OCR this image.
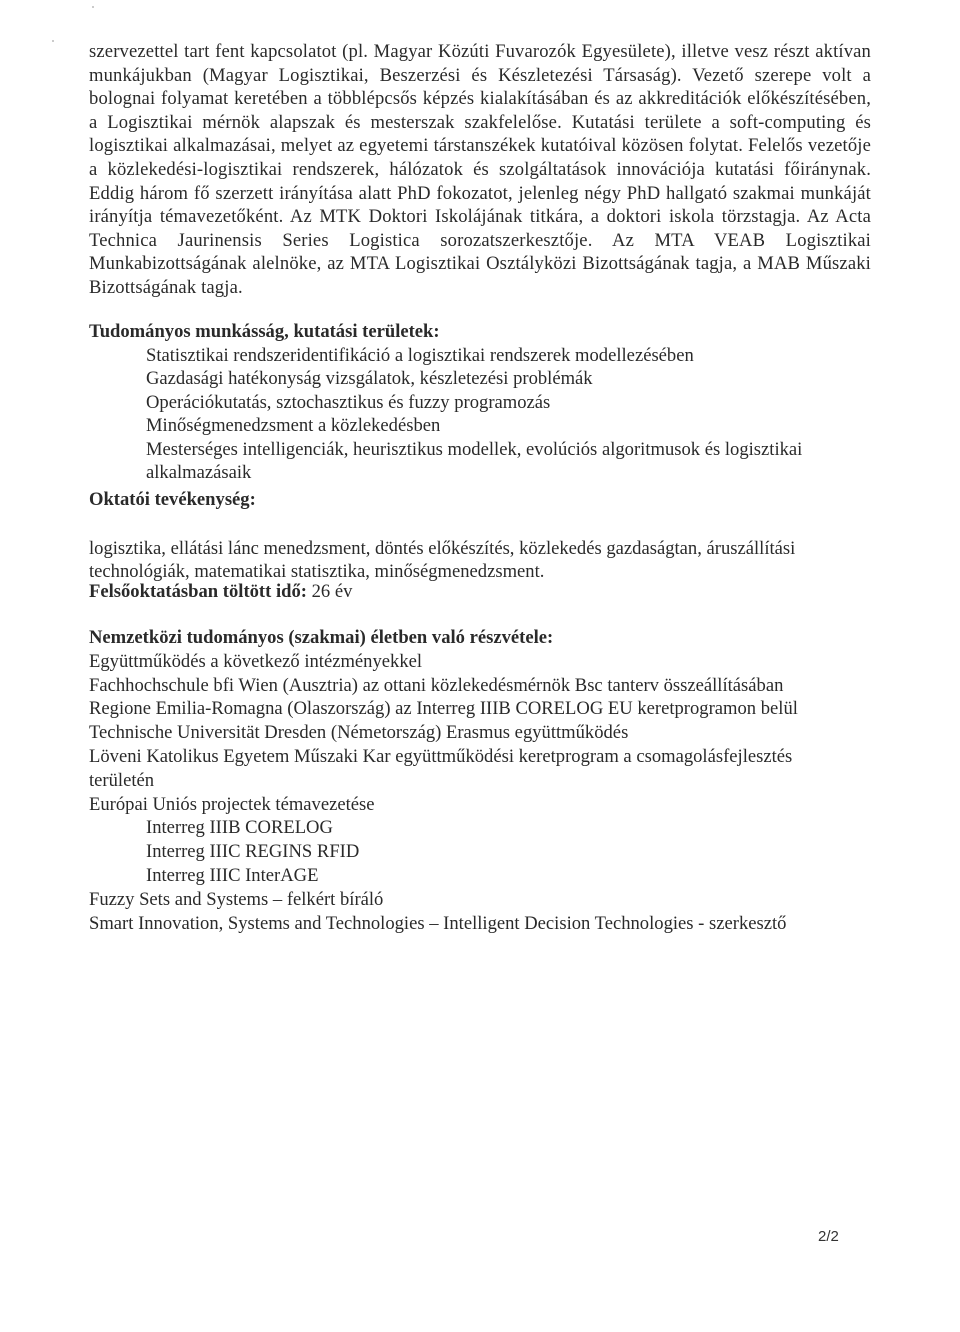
szervezettel tart fent kapcsolatot (pl. Magyar Közúti Fuvarozók Egyesülete), illetve vesz részt aktívan munkájukban (Magyar Logisztikai, Beszerzési és Készletezési Társaság). Vezető szerepe volt a bolognai folyamat keretében a többlépcsős képzés kialakításában és az akkreditációk előkészítésében, a Logisztikai mérnök alapszak és mesterszak szakfelelőse. Kutatási területe a soft-computing és logisztikai alkalmazásai, melyet az egyetemi társtanszékek kutatóival közösen folytat. Felelős vezetője a közlekedési-logisztikai rendszerek, hálózatok és szolgáltatások innovációja kutatási főiránynak. Eddig három fő szerzett irányítása alatt PhD fokozatot, jelenleg négy PhD hallgató szakmai munkáját irányítja témavezetőként. Az MTK Doktori Iskolájának titkára, a doktori iskola törzstagja. Az Acta Technica Jaurinensis Series Logistica sorozatszerkesztője. Az MTA VEAB Logisztikai Munkabizottságának alelnöke, az MTA Logisztikai Osztályközi Bizottságának tagja, a MAB Műszaki Bizottságának tagja.
Tudományos munkásság, kutatási területek:
Statisztikai rendszeridentifikáció a logisztikai rendszerek modellezésében
Gazdasági hatékonyság vizsgálatok, készletezési problémák
Operációkutatás, sztochasztikus és fuzzy programozás
Minőségmenedzsment a közlekedésben
Mesterséges intelligenciák, heurisztikus modellek, evolúciós algoritmusok és logisztikai alkalmazásaik
Oktatói tevékenység:
logisztika, ellátási lánc menedzsment, döntés előkészítés, közlekedés gazdaságtan, áruszállítási technológiák, matematikai statisztika, minőségmenedzsment.
Felsőoktatásban töltött idő: 26 év
Nemzetközi tudományos (szakmai) életben való részvétele:
Együttműködés a következő intézményekkel
Fachhochschule bfi Wien (Ausztria) az ottani közlekedésmérnök Bsc tanterv összeállításában
Regione Emilia-Romagna (Olaszország) az Interreg IIIB CORELOG EU keretprogramon belül
Technische Universität Dresden (Németország) Erasmus együttműködés
Löveni Katolikus Egyetem Műszaki Kar együttműködési keretprogram a csomagolásfejlesztés területén
Európai Uniós projectek témavezetése
Interreg IIIB CORELOG
Interreg IIIC REGINS RFID
Interreg IIIC InterAGE
Fuzzy Sets and Systems – felkért bíráló
Smart Innovation, Systems and Technologies – Intelligent Decision Technologies - szerkesztő
2/2
